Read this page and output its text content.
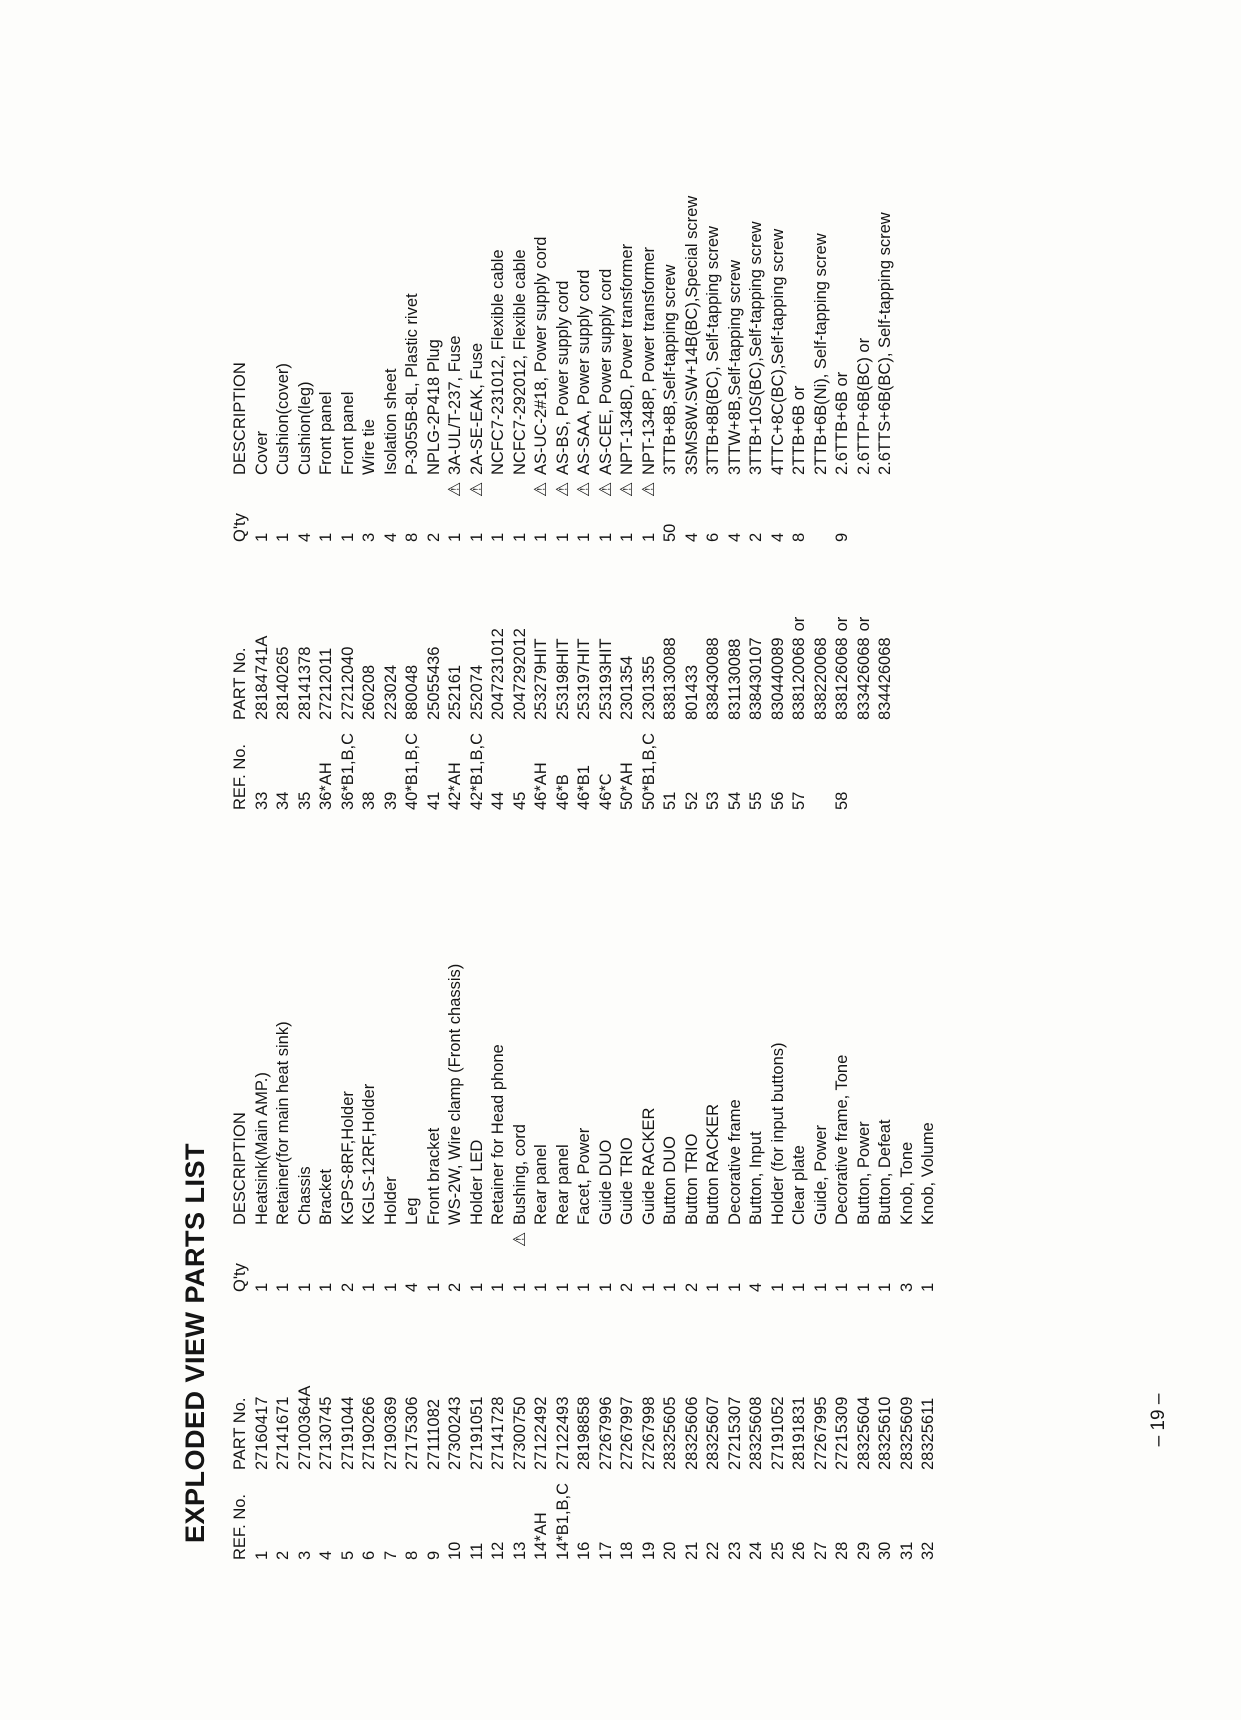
EXPLODED VIEW PARTS LIST REF. No.	PART No.	Q'ty	DESCRIPTION
1	27160417	1	Heatsink(Main AMP.)
2	27141671	1	Retainer(for main heat sink)
3	27100364A	1	Chassis
4	27130745	1	Bracket
5	27191044	2	KGPS-8RF,Holder
6	27190266	1	KGLS-12RF,Holder
7	27190369	1	Holder
8	27175306	4	Leg
9	27111082	1	Front bracket
10	27300243	2	WS-2W, Wire clamp (Front chassis)
11	27191051	1	Holder LED
12	27141728	1	Retainer for Head phone
13	27300750	1	⚠Bushing, cord
14*AH	27122492	1	Rear panel
14*B1,B,C	27122493	1	Rear panel
16	28198858	1	Facet, Power
17	27267996	1	Guide DUO
18	27267997	2	Guide TRIO
19	27267998	1	Guide RACKER
20	28325605	1	Button DUO
21	28325606	2	Button TRIO
22	28325607	1	Button RACKER
23	27215307	1	Decorative frame
24	28325608	4	Button, Input
25	27191052	1	Holder (for input buttons)
26	28191831	1	Clear plate
27	27267995	1	Guide, Power
28	27215309	1	Decorative frame, Tone
29	28325604	1	Button, Power
30	28325610	1	Button, Defeat
31	28325609	3	Knob, Tone
32	28325611	1	Knob, Volume
REF. No.	PART No.	Q'ty	DESCRIPTION
33	28184741A	1	Cover
34	28140265	1	Cushion(cover)
35	28141378	4	Cushion(leg)
36*AH	27212011	1	Front panel
36*B1,B,C	27212040	1	Front panel
38	260208	3	Wire tie
39	223024	4	Isolation sheet
40*B1,B,C	880048	8	P-3055B-8L, Plastic rivet
41	25055436	2	NPLG-2P418 Plug
42*AH	252161	1	⚠3A-UL/T-237, Fuse
42*B1,B,C	252074	1	⚠2A-SE-EAK, Fuse
44	2047231012	1	NCFC7-231012, Flexible cable
45	2047292012	1	NCFC7-292012, Flexible cable
46*AH	253279HIT	1	⚠AS-UC-2#18, Power supply cord
46*B	253198HIT	1	⚠AS-BS, Power supply cord
46*B1	253197HIT	1	⚠AS-SAA, Power supply cord
46*C	253193HIT	1	⚠AS-CEE, Power supply cord
50*AH	2301354	1	⚠NPT-1348D, Power transformer
50*B1,B,C	2301355	1	⚠NPT-1348P, Power transformer
51	838130088	50	3TTB+8B,Self-tapping screw
52	801433	4	3SMS8W.SW+14B(BC),Special screw
53	838430088	6	3TTB+8B(BC), Self-tapping screw
54	831130088	4	3TTW+8B,Self-tapping screw
55	838430107	2	3TTB+10S(BC),Self-tapping screw
56	830440089	4	4TTC+8C(BC),Self-tapping screw
57	838120068or	8	2TTB+6B or
	838220068		2TTB+6B(Ni), Self-tapping screw
58	838126068or	9	2.6TTB+6B or
	833426068or		2.6TTP+6B(BC) or
	834426068		2.6TTS+6B(BC), Self-tapping screw
– 19 –
